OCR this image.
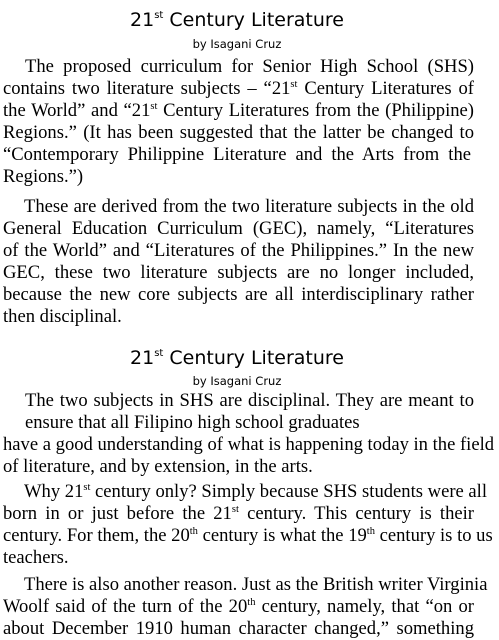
21st Century Literature
by Isagani Cruz
The proposed curriculum for Senior High School (SHS)
contains two literature subjects – “21st Century Literatures of
the World” and “21st Century Literatures from the (Philippine)
Regions.” (It has been suggested that the latter be changed to
“Contemporary Philippine Literature and the Arts from the
Regions.”)
These are derived from the two literature subjects in the old
General Education Curriculum (GEC), namely, “Literatures
of the World” and “Literatures of the Philippines.” In the new
GEC, these two literature subjects are no longer included,
because the new core subjects are all interdisciplinary rather
then disciplinal.
21st Century Literature
by Isagani Cruz
The two subjects in SHS are disciplinal. They are meant to
ensure that all Filipino high school graduates
have a good understanding of what is happening today in the field
of literature, and by extension, in the arts.
Why 21st century only? Simply because SHS students were all
born in or just before the 21st century. This century is their
century. For them, the 20th century is what the 19th century is to us
teachers.
There is also another reason. Just as the British writer Virginia
Woolf said of the turn of the 20th century, namely, that “on or
about December 1910 human character changed,” something
